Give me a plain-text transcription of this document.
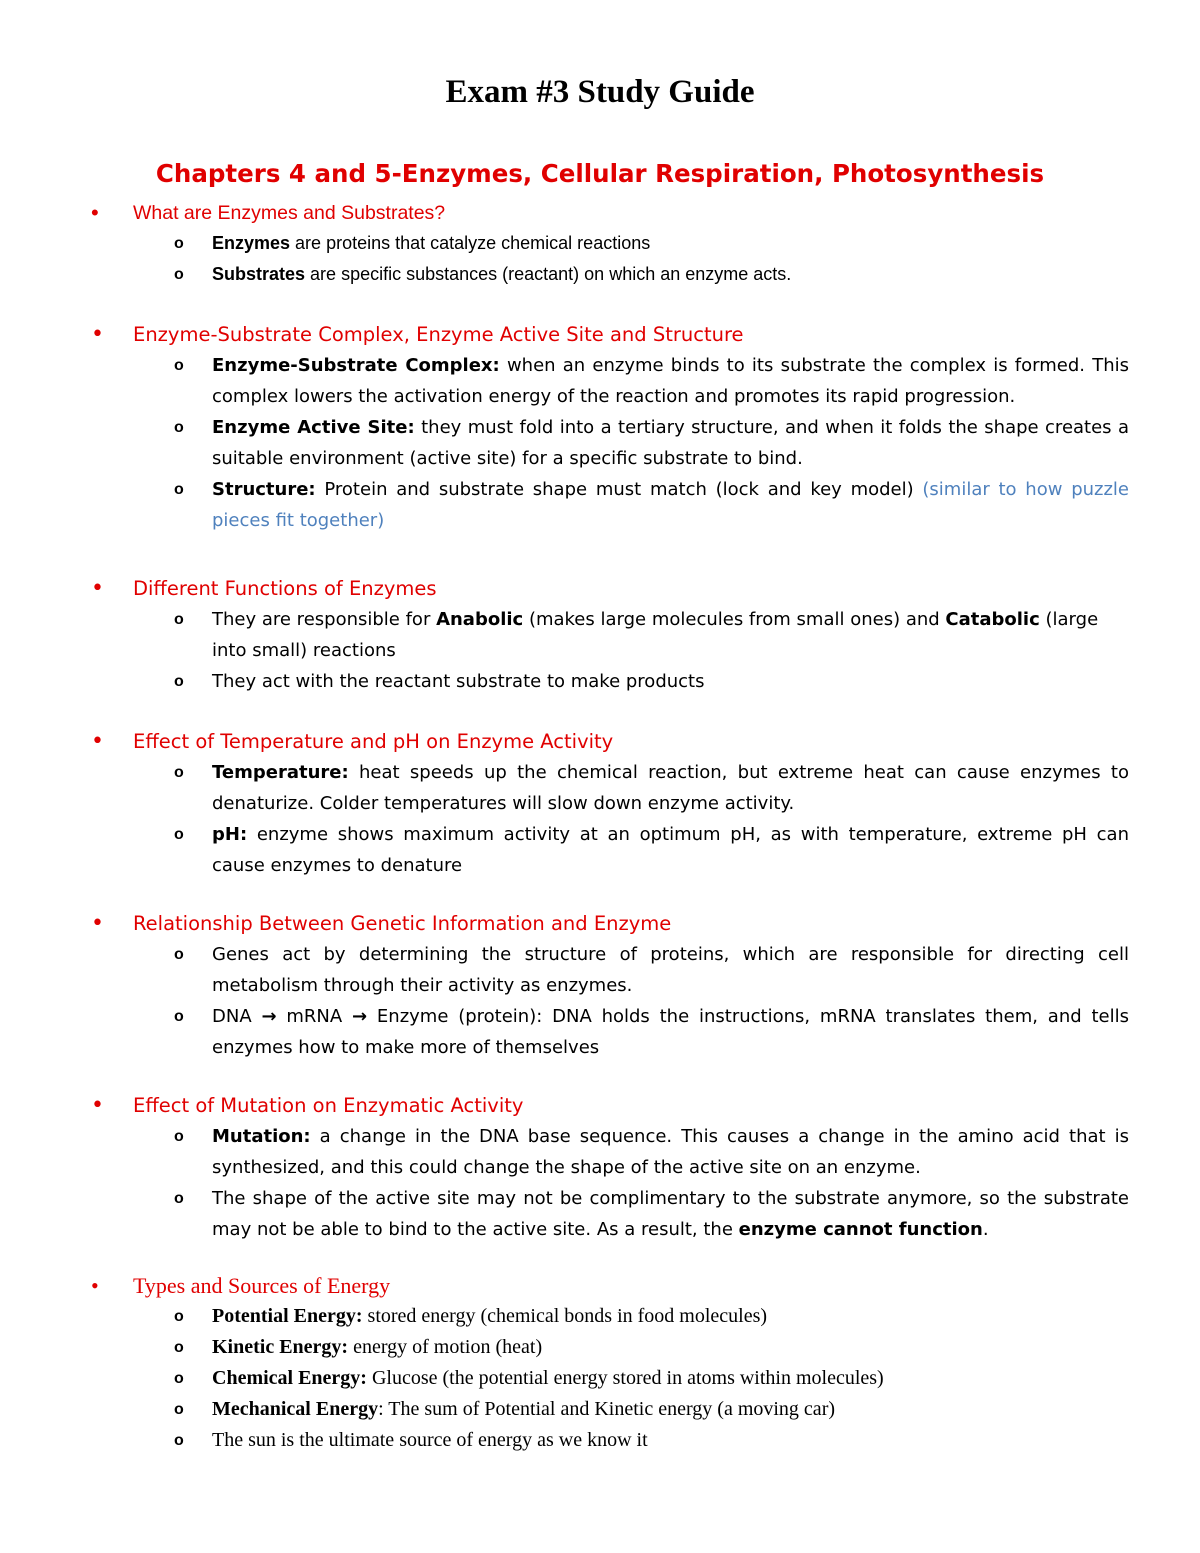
Exam #3 Study Guide
Chapters 4 and 5-Enzymes, Cellular Respiration, Photosynthesis
• What are Enzymes and Substrates?
o Enzymes are proteins that catalyze chemical reactions
o Substrates are specific substances (reactant) on which an enzyme acts.
• Enzyme-Substrate Complex, Enzyme Active Site and Structure
o Enzyme-Substrate Complex: when an enzyme binds to its substrate the complex is formed. This complex lowers the activation energy of the reaction and promotes its rapid progression.
o Enzyme Active Site: they must fold into a tertiary structure, and when it folds the shape creates a suitable environment (active site) for a specific substrate to bind.
o Structure: Protein and substrate shape must match (lock and key model) (similar to how puzzle pieces fit together)
• Different Functions of Enzymes
o They are responsible for Anabolic (makes large molecules from small ones) and Catabolic (large into small) reactions
o They act with the reactant substrate to make products
• Effect of Temperature and pH on Enzyme Activity
o Temperature: heat speeds up the chemical reaction, but extreme heat can cause enzymes to denaturize. Colder temperatures will slow down enzyme activity.
o pH: enzyme shows maximum activity at an optimum pH, as with temperature, extreme pH can cause enzymes to denature
• Relationship Between Genetic Information and Enzyme
o Genes act by determining the structure of proteins, which are responsible for directing cell metabolism through their activity as enzymes.
o DNA → mRNA → Enzyme (protein): DNA holds the instructions, mRNA translates them, and tells enzymes how to make more of themselves
• Effect of Mutation on Enzymatic Activity
o Mutation: a change in the DNA base sequence. This causes a change in the amino acid that is synthesized, and this could change the shape of the active site on an enzyme.
o The shape of the active site may not be complimentary to the substrate anymore, so the substrate may not be able to bind to the active site. As a result, the enzyme cannot function.
• Types and Sources of Energy
o Potential Energy: stored energy (chemical bonds in food molecules)
o Kinetic Energy: energy of motion (heat)
o Chemical Energy: Glucose (the potential energy stored in atoms within molecules)
o Mechanical Energy: The sum of Potential and Kinetic energy (a moving car)
o The sun is the ultimate source of energy as we know it
